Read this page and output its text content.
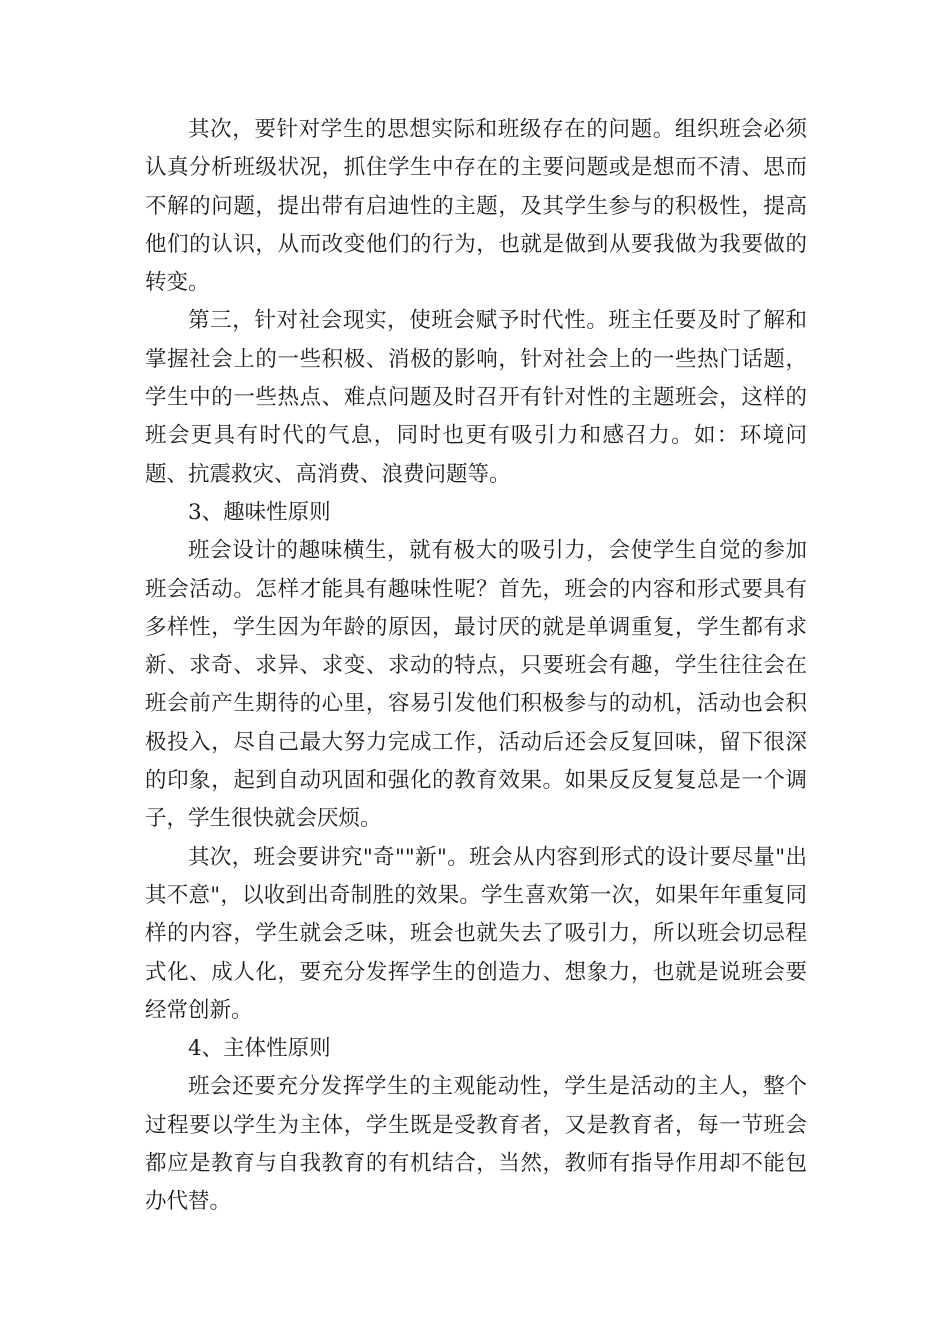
其次，要针对学生的思想实际和班级存在的问题。组织班会必须认真分析班级状况，抓住学生中存在的主要问题或是想而不清、思而不解的问题，提出带有启迪性的主题，及其学生参与的积极性，提高他们的认识，从而改变他们的行为，也就是做到从要我做为我要做的转变。

第三，针对社会现实，使班会赋予时代性。班主任要及时了解和掌握社会上的一些积极、消极的影响，针对社会上的一些热门话题，学生中的一些热点、难点问题及时召开有针对性的主题班会，这样的班会更具有时代的气息，同时也更有吸引力和感召力。如：环境问题、抗震救灾、高消费、浪费问题等。

3、趣味性原则

班会设计的趣味横生，就有极大的吸引力，会使学生自觉的参加班会活动。怎样才能具有趣味性呢？首先，班会的内容和形式要具有多样性，学生因为年龄的原因，最讨厌的就是单调重复，学生都有求新、求奇、求异、求变、求动的特点，只要班会有趣，学生往往会在班会前产生期待的心里，容易引发他们积极参与的动机，活动也会积极投入，尽自己最大努力完成工作，活动后还会反复回味，留下很深的印象，起到自动巩固和强化的教育效果。如果反反复复总是一个调子，学生很快就会厌烦。

其次，班会要讲究"奇""新"。班会从内容到形式的设计要尽量"出其不意"，以收到出奇制胜的效果。学生喜欢第一次，如果年年重复同样的内容，学生就会乏味，班会也就失去了吸引力，所以班会切忌程式化、成人化，要充分发挥学生的创造力、想象力，也就是说班会要经常创新。

4、主体性原则

班会还要充分发挥学生的主观能动性，学生是活动的主人，整个过程要以学生为主体，学生既是受教育者，又是教育者，每一节班会都应是教育与自我教育的有机结合，当然，教师有指导作用却不能包办代替。
